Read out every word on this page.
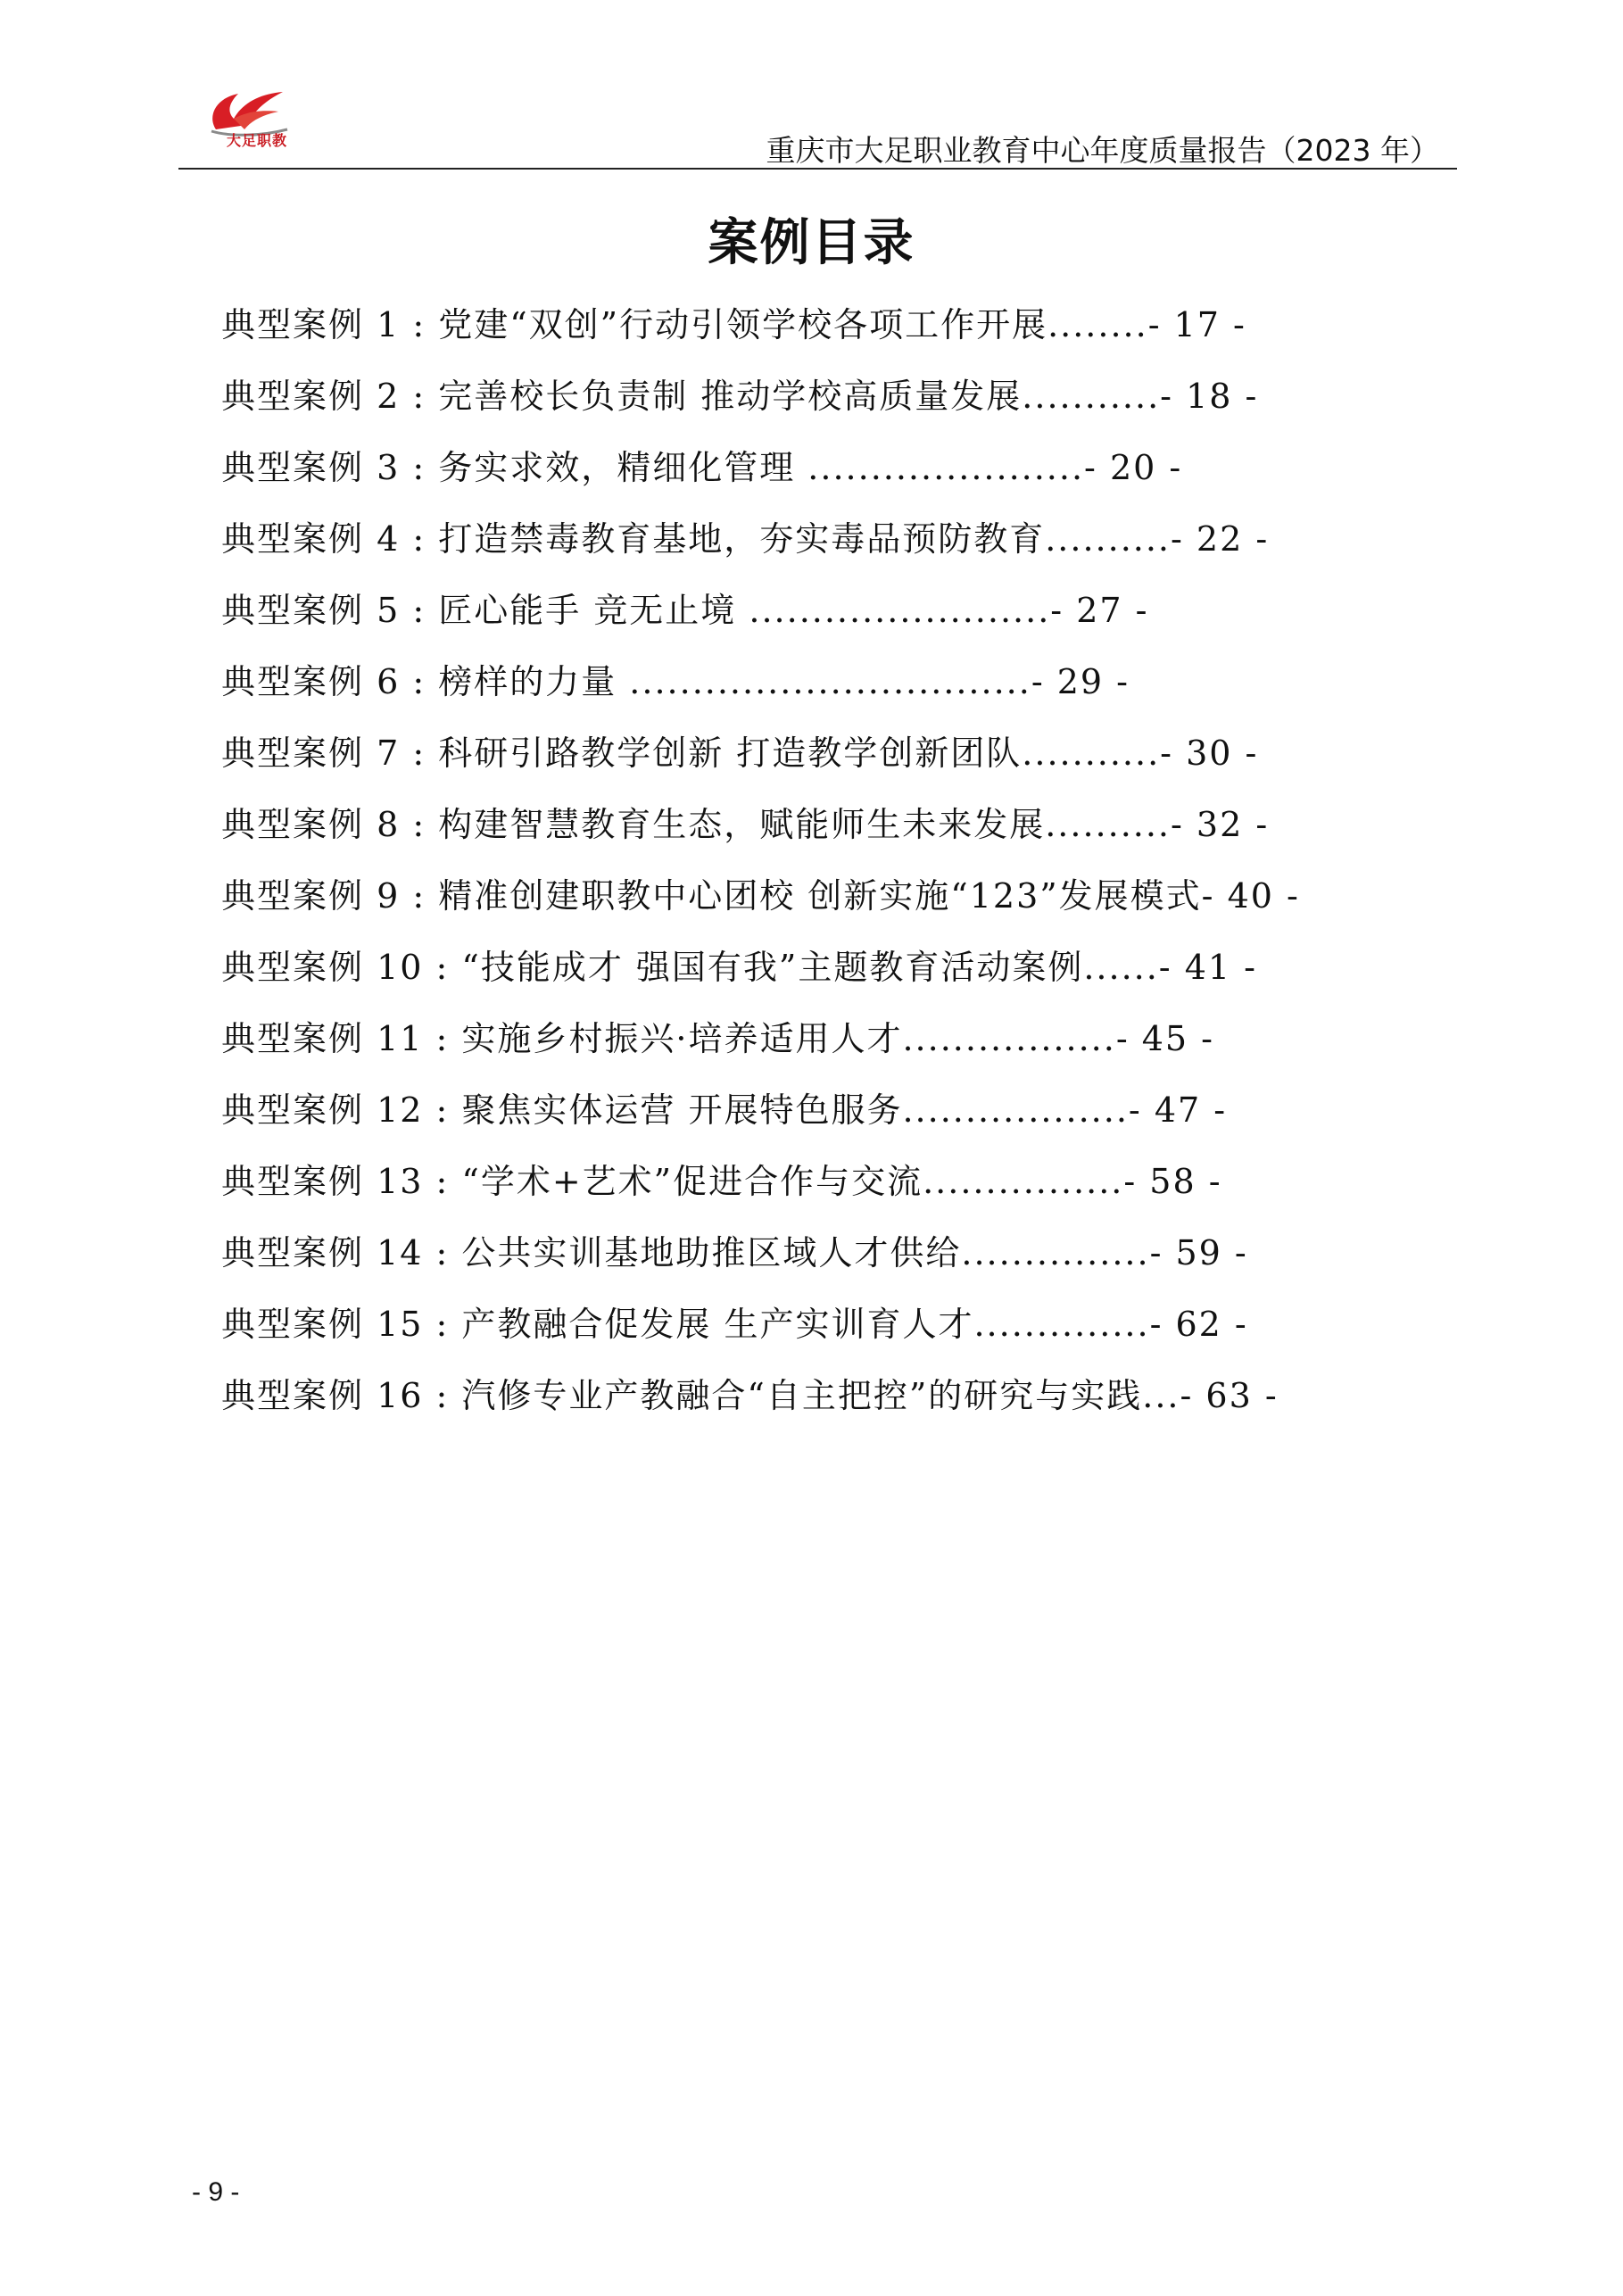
大足职教	重庆市大足职业教育中心年度质量报告（2023 年）
案例目录
典型案例 1 : 党建“双创”行动引领学校各项工作开展........- 17 -
典型案例 2 : 完善校长负责制 推动学校高质量发展...........- 18 -
典型案例 3 : 务实求效，精细化管理 ......................- 20 -
典型案例 4 : 打造禁毒教育基地，夯实毒品预防教育..........- 22 -
典型案例 5 : 匠心能手 竞无止境 ........................- 27 -
典型案例 6 : 榜样的力量 ................................- 29 -
典型案例 7 : 科研引路教学创新 打造教学创新团队...........- 30 -
典型案例 8 : 构建智慧教育生态，赋能师生未来发展..........- 32 -
典型案例 9 : 精准创建职教中心团校 创新实施“123”发展模式- 40 -
典型案例 10 : “技能成才 强国有我”主题教育活动案例......- 41 -
典型案例 11 : 实施乡村振兴·培养适用人才.................- 45 -
典型案例 12 : 聚焦实体运营 开展特色服务..................- 47 -
典型案例 13 : “学术+艺术”促进合作与交流................- 58 -
典型案例 14 : 公共实训基地助推区域人才供给...............- 59 -
典型案例 15 : 产教融合促发展 生产实训育人才..............- 62 -
典型案例 16 : 汽修专业产教融合“自主把控”的研究与实践...- 63 -
- 9 -
